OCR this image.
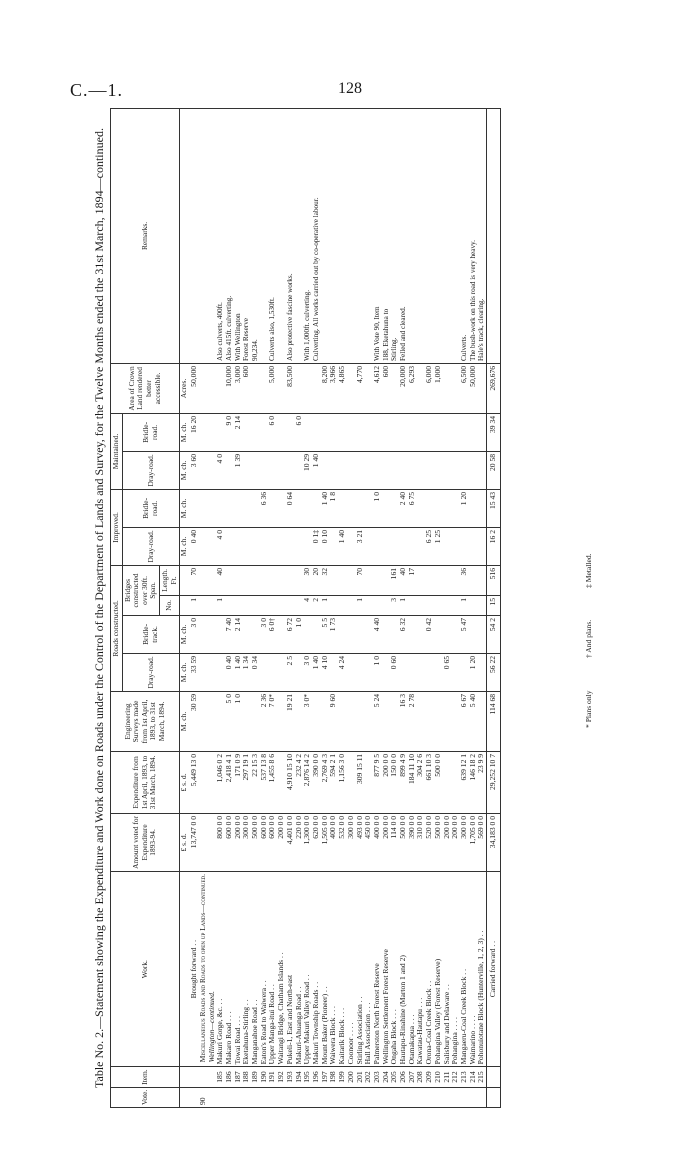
C.—1.	128
Table No. 2.—Statement showing the Expenditure and Work done on Roads under the Control of the Department of Lands and Survey, for the Twelve Months ended the 31st March, 1894—continued.
Vote.	Item.	Work.	Amount voted for Expenditure 1893-94.	Expenditure from 1st April, 1893, to 31st March, 1894.	Engineering Surveys made from 1st April, 1893, to 31st March, 1894.	Roads constructed.				Improved.		Maintained.		Area of Crown Land rendered better accessible.	Remarks.
						Dray-road.	Bridle-track.	Bridges constructed over 30ft. Span.		Dray-road.	Bridle-road.	Dray-road.	Bridle-road.		
								No.	Length. Ft.						
			£ s. d.	£ s. d.	M. ch.	M. ch.	M. ch.			M. ch.	M. ch.	M. ch.	M. ch.	Acres.	
		Brought forward . .	13,747 0 0	5,449 13 0	30 59	33 59	3 0	1	70	0 40		3 60	16 20	50,000	
90		Miscellaneous Roads and Roads to open up Lands—continued.													
		Wellington—continued.													
	185	Makuri Gorge, &c. . .	800 0 0	1,046 0 2				1	40	4 0		4 0			Also culverts, 400ft.
	186	Makaro Road . . .	600 0 0	2,418 4 1	5 0	0 40	7 40						9 0	10,000	Also 415ft. culverting.
	187	Towai Road . . .	200 0 0	171 0 9	1 0	1 40	2 14					1 39	2 14	3,000	With Wellington
	188	Eketahuna-Stirling . .	300 0 0	297 19 1		1 34								600	Forest Reserve
	189	Manganahoe Road . .	500 0 0	22 15 3		0 34									90,234.
	190	Eaton's Road to Waiwera . .	600 0 0	537 13 8	2 36		3 0				6 36				
	191	Upper Manga-itui Road . .	600 0 0	1,455 8 6	7 0*		6 0†						6 0	5,000	Culverts also, 1,530ft.
	192	Waitangi Bridge, Chatham Islands . .	200 0 0												
	193	Pukeli-1, East and North-east	4,401 0 0	4,910 15 10	19 21	2 5	6 72				0 64			83,500	Also protective fascine works.
	194	Makuri-Ahuanga Road . .	220 0 0	232 4 2			1 0						6 0		
	195	Upper Makuri Valley Road . .	1,300 0 0	2,876 14 2	3 0*	3 0		4	30			10 29			With 1,000ft. culverting.
	196	Makuri Township Roads . .	620 0 0	390 0 0		1 40		2	20	0 1‡		1 40			Culverting. All works carried out by co-operative labour.
	197	Mount Baker (Pioneer) . .	1,505 0 0	2,769 4 3		4 10	5 5	1	32	0 10	1 40			8,200	
	198	Waiwera Block . . .	400 0 0	594 2 1	9 60		1 73				1 8			3,966	
	199	Kaitarik Block . . .	532 0 0	1,156 3 0		4 24				1 40				4,865	
	200	Coonoor . . . .	300 0 0												
	201	Stirling Association . .	493 0 0	309 15 11				1	70	3 21				4,770	
	202	Hall Association . . .	450 0 0												
	203	Palmerston North Forest Reserve	400 0 0	877 9 5	5 24	1 0	4 40				1 0			4,612	With Vote 90, Item
	204	Wellington Settlement Forest Reserve	200 0 0	200 0 0										600	188, Eketahuna to
	205	Ongaha Block . . .	114 0 0	150 0 0		0 60		3	161						Stirling.
	206	Hautapu-Rinahine (Marton 1 and 2)	500 0 0	899 4 9	16 3		6 32	1	40		2 40			20,000	Felled and cleared.
	207	Otamakapua . . .	390 0 0	184 11 10	2 78				17		6 75			6,293	
	208	Kawatau-Hautapu . . .	310 0 0	304 2 6											
	209	Orona-Coal Creek Block . .	520 0 0	661 10 3			0 42			6 25				6,000	
	210	Pohangina Valley (Forest Reserve)	500 0 0	500 0 0						1 25				1,000	
	211	Salisbury and Delaware . .	200 0 0			0 65									
	212	Pohangina . . . .	200 0 0												
	213	Mangaeru-Coal Creek Block . .	300 0 0	639 12 1	6 67		5 47	1	36		1 20			6,500	Culverts.
	214	Waimarino . . . .	1,705 0 0	146 18 2	5 40	1 20								50,000	The bush-work on this road is very heavy.
	215	Pohonuiotane Block (Hunterville, 1, 2, 3) . .	569 0 0	23 9 9											Hale's track, clearing.
		Carried forward . .	34,183 0 0	29,252 10 7	114 68	56 22	54 2	15	516	16 2	15 43	20 58	39 34	269,676	
* Plans only
† And plans.
‡ Metalled.
